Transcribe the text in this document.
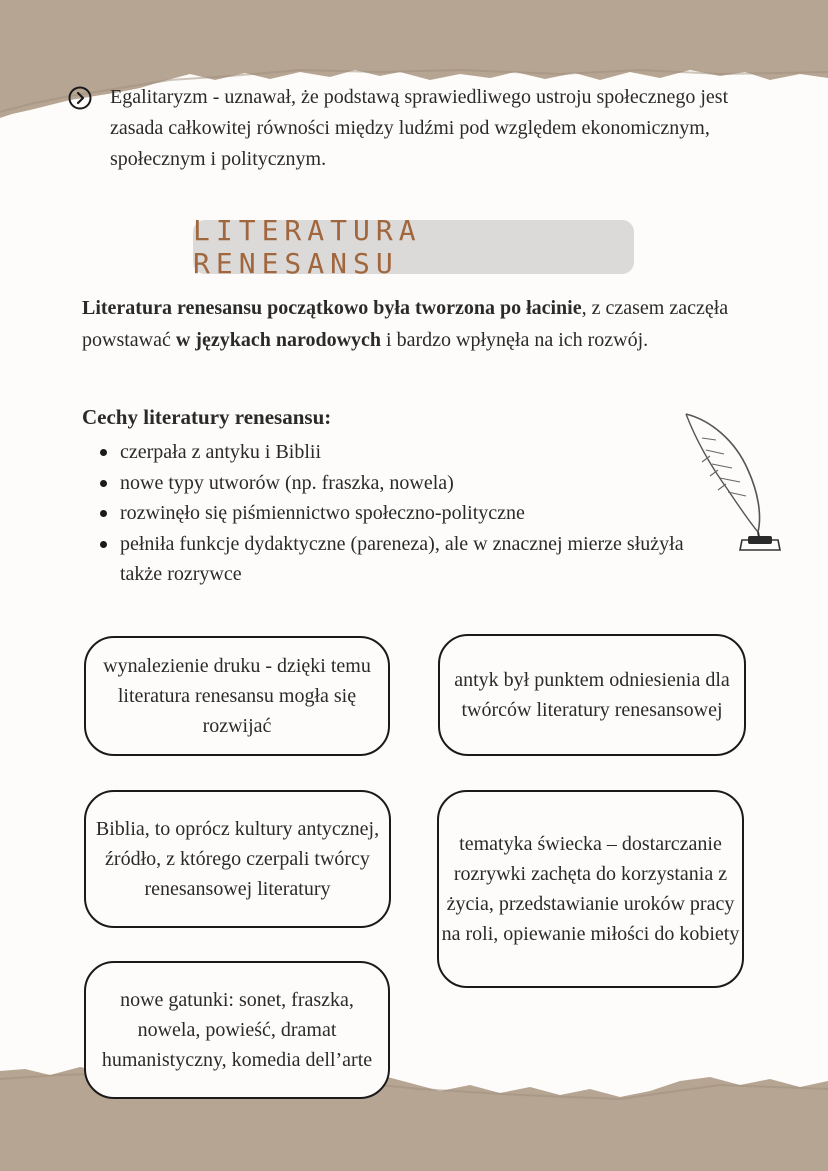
Egalitaryzm - uznawał, że podstawą sprawiedliwego ustroju społecznego jest zasada całkowitej równości między ludźmi pod względem ekonomicznym, społecznym i politycznym.

LITERATURA RENESANSU

Literatura renesansu początkowo była tworzona po łacinie, z czasem zaczęła powstawać w językach narodowych i bardzo wpłynęła na ich rozwój.

Cechy literatury renesansu:

czerpała z antyku i Biblii
nowe typy utworów (np. fraszka, nowela)
rozwinęło się piśmiennictwo społeczno-polityczne
pełniła funkcje dydaktyczne (pareneza), ale w znacznej mierze służyła także rozrywce
wynalezienie druku - dzięki temu literatura renesansu mogła się rozwijać
antyk był punktem odniesienia dla twórców literatury renesansowej
Biblia, to oprócz kultury antycznej, źródło, z którego czerpali twórcy renesansowej literatury
tematyka świecka – dostarczanie rozrywki zachęta do korzystania z życia, przedstawianie uroków pracy na roli, opiewanie miłości do kobiety
nowe gatunki: sonet, fraszka, nowela, powieść, dramat humanistyczny, komedia dell’arte
